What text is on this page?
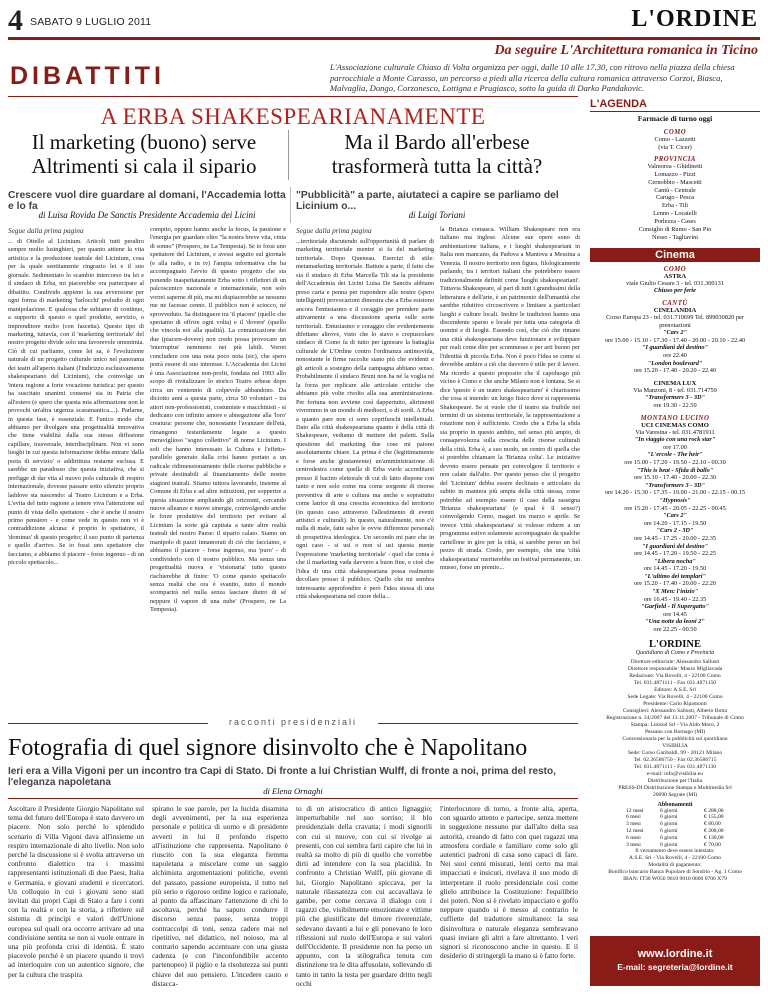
4 SABATO 9 LUGLIO 2011	L'ORDINE
Da seguire L'Architettura romanica in Ticino
DIBATTITI	L'Associazione culturale Chiaso di Volta organizza per oggi, dalle 10 alle 17.30, con ritrovo nella piazza della chiesa parrocchiale a Monte Carasso, un percorso a piedi alla ricerca della cultura romanica attraverso Corzoi, Biasca, Malvaglia, Dongo, Corzonesco, Lottigna e Prugiasco, sotto la guida di Darko Pandakovic.
A ERBA SHAKESPEARIANAMENTE
Il marketing (buono) serve Altrimenti si cala il sipario
Ma il Bardo all'erbese trasformerà tutta la città?
Crescere vuol dire guardare al domani, l'Accademia lotta e lo fa
"Pubblicità" a parte, aiutateci a capire se parliamo del Licinium o...
di Luisa Rovida De Sanctis Presidente Accademia dei Licini	di Luigi Toriani
Segue dalla prima pagina

... di Ottello al Licinium. Articoli tutti peraltro sempre molto lusinghieri, per quanto attiene la vita artistica e la produzione teatrale del Licinium, cosa per la quale sentitamente ringrazio lei e il suo giornale. Sedimentato lo scambio intercorso tra lei e il sindaco di Erba, mi piacerebbe ora partecipare al dibattito. Condivido appieno la sua avversione per ogni forma di marketing 'farlocchi' preludio di ogni manipolazione. E qualcosa che subiamo di continuo, a supporto di questo o quel prodotto, servizio, o imprenditore molto (con fascetta). Questo tipo di marketing, tuttavia, con il 'marketing territoriale' del nostro progetto divide solo una favorevole omonimia. Ciò di cui parliamo, come lei sa, è l'evoluzione naturale di un progetto culturale unico nel panorama dei teatri all'aperto italiani (l'indirizzo esclusivamente shakespeariano del Licinium), che coinvolge un 'intera regione a forte vocazione turistica: per questo ha suscitato unanimi consensi sia in Patria che all'estero (e spero che questa mia affermazione non le provochi un'altra urgenza scaramantica....). Parlarne, in questa fase, è essenziale. E l'unico modo che abbiamo per divulgare una progettualità innovativa che tiene viabilità dalla sua stessa diffusione capillare, trasversale, interdisciplinare. Non vi sono luoghi in cui questa informazione debba entrare 'dalla porta di servizio' o addirittura restarne esclusa. E sarebbe un paradosso che questa iniziativa, che si prefigge di dar vita al nuovo polo culturale di respiro internazionale, dovesse passare sotto silenzio proprio laddove sta nascendo: al Teatro Licinium e a Erba. L'evita del tutto ragione a tenere viva l'attenzione sul punto di vista dello spettatore - che è anche il nostro primo pensiero - e come vede in questo non vi è contraddizione alcuna: è proprio lo spettatore, il 'dominus' di questo progetto; il suo punto di partenza e quello d'arrivo. Se io fossi uno spettatore che facciamo, e abbiamo il piacere - forse ingenuo - di un piccolo spettacolo...

compito, oppure hanno anche la focus, la passione e l'energia per guardare oltre "la nostra breve vita, cinta di sonno" (Prospero, ne La Tempesta). Se io fossi uno spettatore del Licinium, e avessi seguito sul giornale (e alla radio, e in tv) l'ampia informativa che ha accompagnato l'avvio di questo progetto che sta ponendo inaspettatamente Erba sotto i riflettori di un palcoscenico nazionale e internazionale, non solo vorrei saperne di più, ma mi dispiacerebbe se nessuno me ne facesse cenno. Il pubblico non è sciocco, né sprovveduto. Sa distinguere tra 'il piacere' (quello che speriamo di offrire ogni volta) e il 'dovere' (quello che vincola noi alla qualità). La comunicazione dei due (piacere-dovere) non credo possa provocare un 'interruptus' nemmeno nei più labili. Vorrei concludere con una nota poco nota (sic), che spero potrà essere di suo interesse. L'Accademia dei Licini è una Associazione non-profit, fondata nel 1993 allo scopo di rivitalizzare lo storico Teatro erbese dopo circa un ventennio di colpevole abbandono. Da diciotto anni a questa parte, circa 50 volontari - tra attori non-professionisti, costumiste e macchinisti - si dedicano con infinito amore e abnegazione alla 'loro' creatura: persone che, nonostante l'avanzare dell'età, rimangono testardamente legate a questo meraviglioso "sogno collettivo" di nome Licinium. I soli che hanno interessato la Cultura e l'effetto-parallelo generato dalla crisi hanno portato a un radicale ridimensionamento delle risorse pubbliche e private destinabili al finanziamento delle nostre stagioni teatrali. Stiamo tuttora lavorando, insieme al Comune di Erba e ad altre istituzioni, per sopperire a questa situazione ampliando gli orizzonti, cercando nuove alleanze e nuove sinergie, coinvolgendo anche le forze produttive del territorio per evitare al Licinium la sorte già capitata a tante altre realtà teatrali del nostro Paese: il sipario calato. Siamo un manipolo di pazzi innamorati di ciò che facciamo, e abbiamo il piacere - forse ingenuo, ma 'puro' - di condividerlo con il nostro pubblico. Ma senza una progettualità nuova e 'visionaria' tutto questo rischierebbe di finire: 'O come questo spettacolo senza realtà che ora è svanito, tutto il mondo scomparirà nel nulla senza lasciare dietro di sé neppure il vapore di una nube' (Prospero, ne La Tempesta).

Segue dalla prima pagina

...territoriale discutendo sull'opportunità di parlare di marketing territoriale mentre si fa del marketing territoriale. Dopo Queneau. Esercizi di stile: metamarketing territoriale. Battute a parte, il fatto che sia il sindaco di Erba Marcella Tili sia la presidente dell'Accademia dei Licini Luisa De Sanctis abbiano preso carta e penna per rispondere alle nostre (spero intelligenti) provocazioni dimostra che a Erba esistono ancora l'entusiasmo e il coraggio per prendere parte attivamente a una discussione aperta sulle sorte territoriali. Entusiasmo e coraggio che evidentemente difettano altrove, visto che lo stavo e crepuscolare sindaco di Como fa di tutto per ignorare la battaglia culturale de L'Ordine contro l'ordinanza antimovida, nonostante le firme raccolte siano più che evidenti e gli articoli a sostegno della campagna abbiano senso. Probabilmente il sindaco Bruni non ha né la voglia né la forza per replicare alle articolate critiche che abbiamo più volte rivolto alla sua amministrazione. Per fortuna non avviene così dappertutto, altrimenti vivremmo in un mondo di mediocri, o di sordi. A Erba a quanto pare non ci sono coprifuochi intellettuali. Dato alla città shakespeariana quanto è della città di Shakespeare, vediamo di mettere dei paletti. Sulla questione del marketing due cose mi paiono assolutamente chiare. La prima è che (legittimamente e forse anche giustamente) un'amministrazione di centrodestra come quella di Erba vuole accreditarsi presso il bacino elettorale di cui di fatto dispone con tanto e non solo come ma come sorgente di risorse preventiva di arte e cultura ma anche e soprattutto come latrice di una crescita economica del territorio (in questo caso attraverso l'allestimento di eventi artistici e culturali). In questo, naturalmente, non c'è nulla di male, fatte salve le ovvie differenze personali di prospettiva ideologica. Un secondo mi pare che in ogni caso - si usi o non si usi questa mente l'espressione 'marketing territoriale' - quel che conta è che il marketing vada davvero a buon fine, e cioè che l'idea di una città shakespeariana possa realmente decollare presso il pubblico. Quello che mi sembra interessante approfondire è però l'idea stessa di una città shakespeariana nel cuore della...

la Brianza comasca. William Shakespeare non era italiano ma inglese. Alcune sue opere sono di ambientazione italiana, e i luoghi shakespeariani in Italia non mancano, da Padova a Mantova a Messina a Venezia. Il nostro territorio non figura, filologicamente parlando, tra i territori italiani che potrebbero essere tradizionalmente definiti come 'luoghi shakespeariani'. Tuttavia Shakespeare, al pari di tutti i grandissimi della letteratura e dell'arte, è un patrimonio dell'umanità che sarebbe riduttivo circoscrivere e limitare a particolari luoghi e culture locali. Inoltre le tradizioni hanno una discendente sparso e locale per tutta una categoria di uomini e di luoghi. Essendo così, che ciò che rimane una città shakespeariana deve funzionare e sviluppare per reali come dire per scommesse e per arti buono per l'identità di piccola Erba. Non è poco l'idea se come si dovrebbe ambire a ciò che davvero è utile per il lavoro. Ma ricordo a questo proposito che il capoluogo più vicino è Como e che anche Milano non è lontana. Se si dice 'questo è un teatro shakespeariano' è chiarissimo che cosa si intende: un luogo fisico dove si rappresenta Shakespeare. Se si vuole che il teatro sia fruibile nei termini di un sistema territoriale, la rappresentazione a rotazione non è sufficiente. Credo che a Erba la sfida sia proprio in questo ambito, nel senso più ampio, di consapevolezza sulla crescita delle risorse culturali della città. Erba è, a suo modo, un centro di quella che si potrebbe chiamare la 'Brianza colta'. Le iniziative devono essere pensate per coinvolgere il territorio e non calate dall'alto. Per questo penso che il progetto del 'Licinium' debba essere declinato e articolato da subito in maniera più ampia della città stessa, come potrebbe ad esempio essere il caso della rassegna 'Brianza shakespeariana' (e qual è il senso?) coinvolgendo Como, magari tra marzo e aprile. Se invece 'città shakespeariana' si volesse ridurre a un programma estivo solamente accompagnato da qualche cartellone in giro per la città, si sarebbe perso un bel pezzo di strada. Credo, per esempio, che una 'città shakespeariana' meriterebbe un festival permanente, un museo, forse un premio...

racconti presidenziali
Fotografia di quel signore disinvolto che è Napolitano
Ieri era a Villa Vigoni per un incontro tra Capi di Stato. Di fronte a lui Christian Wulff, di fronte a noi, prima del resto, l'eleganza napoletana
di Elena Ornaghi

Ascoltare il Presidente Giorgio Napolitano sul tema del futuro dell'Europa è stato davvero un piacere. Non solo perché lo splendido scenario di Villa Vigoni dava all'insieme un respiro internazionale di alto livello. Non solo perché la discussione si è svolta attraverso un confronto dialettico tra i massimi rappresentanti istituzionali di due Paesi, Italia e Germania, e giovani studenti e ricercatori. Un colloquio in cui i giovani sono stati invitati dai propri Capi di Stato a fare i conti con la realtà e con la storia, a riflettere sul sistema di princìpi e valori dell'Unione europea sul quali ora occorre arrivare ad una condivisione sentita se non si vuole entrare in una più profonda crisi di identità. È stato piacevole perché è un piacere quando ti trovi ad interloquire con un autentico signore, che per la cultura che traspira

spirano le sue parole, per la lucida disamina degli avvenimenti, per la sua esperienza personale e politica di uomo e di presidente avverti in lui il profondo rispetto all'istituzione che rappresenta. Napolitano è riuscito con la sua eleganza fiemma napoletana a miscelare come un saggio alchimista argomentazioni politiche, eventi del passato, passione europeista, il tutto nel più serio e rigoroso ordine logico e razionale, al punto da affascinare l'attenzione di chi lo ascoltava, perché ha saputo condurre il discorso senza pause, senza troppi contraccolpi di toni, senza cadere mai nel ripetitivo, nel didattico, nel noioso, ma al contrario sapendo accentuare con una giusta cadenza (e con l'inconfondibile accento partenopeo) il piglio e la risolutezza sui punti chiave del suo pensiero. L'incedere cauto e distacca-

to di un aristocratico di antico lignaggio; imperturbabile nel suo sorriso; il blu presidenziale della cravatta; i modi signorili con cui si muove, con cui si rivolge ai presenti, con cui sembra farti capire che lui in realtà sa molto di più di quello che vorrebbe dirti ad intendere con la sua placidità. In confronto a Christian Wulff, più giovane di lui, Giorgio Napolitano spiccava, per la naturale rilassatezza con cui accavallava le gambe, per come cercava il dialogo con i ragazzi che, visibilmente emozionate e vittime più che giustificate del timore riverenziale, sedevano davanti a lui e gli ponevano le loro riflessioni sul ruolo dell'Europa e sui valori dell'Occidente. Il presidente non ha perso un appunto, con la stilografica tenuta con distinzione tra le dita affusolate, sollevando di tanto in tanto la testa per guardare dritto negli occhi

l'interlocutore di turno, a fronte alta, aperta, con sguardo attento e partecipe, senza mettere in soggezione nessuno pur dall'alto della sua autorità, creando di fatto con quei ragazzi una atmosfera cordiale e familiare come solo gli autentici padroni di casa sono capaci di fare. Nei suoi cenni misurati, lenti certo ma mai impacciati e insicuri, rivelava il suo modo di interpretare il ruolo presidenziale così come glielo attribuisce la Costituzione: l'equilibrio dei poteri. Non si è rivelato impacciato e goffo neppure quando si è messo al contrario le cuffiette del traduttore simultaneo: la sua disinvoltura e naturale eleganza sembravano quasi inviare gli altri a fare altrettanto. I veri signori si riconoscono anche in questo. E il desiderio di stringergli la mano si è fatto forte.

L'AGENDA
Farmacie di turno oggi
COMO
Como - Lazzetti
(via T. Cicer)
PROVINCIA
Valmorea - Ghidinetti
Lomazzo - Pizzi
Cernobbio - Mascetti
Cantù - Centrale
Carugo - Pesca
Erba - Tili
Lenno - Locatelli
Porlezza - Cases
Consiglio di Rumo - San Pio
Nesso - Tagliavini
Cinema
COMO
ASTRA
viale Giulio Cesare 3 - tel. 031.300131
Chiuso per ferie
CANTÙ
CINELANDIA
Corso Europa 23 - tel. 031.710699 Tel. 899030820 per prenotazioni
"Cars 2"
ore 15.00 - 15.10 - 17.30 - 17.40 - 20.00 - 20.10 - 22.40
"I guardiani del destino"
ore 22.40
"London boulevard"
ore 15.20 - 17.40 - 20.20 - 22.40
CINEMA LUX
Via Manzoni, 8 - tel. 031.714759
"Transformers 3 - 3D"
ore 19.30 - 22.50
MONTANO LUCINO
UCI CINEMAS COMO
Via Varesina - tel. 031.4781911
"In viaggio con una rock star"
ore 17.00
"L'ercole - The heir"
ore 15.00 - 17.20 - 19.50 - 22.10 - 00.30
"This is beat - Sfida di ballo"
ore 15.10 - 17.40 - 20.00 - 22.30
"Transformers 3 - 3D"
ore 14.20 - 15.30 - 17.35 - 19.00 - 21.00 - 22.15 - 00.15
"Hypnosis"
ore 15.20 - 17.45 - 20.05 - 22.25 - 00.45
"Cars 2"
ore 14.20 - 17.15 - 19.50
"Cars 2 - 3D"
ore 14.45 - 17.25 - 20.00 - 22.35
"I guardiani del destino"
ore 14.45 - 17.20 - 19.50 - 22.25
"Libera nocha"
ore 14.45 - 17.20 - 19.50
"L'ultimo dei templari"
ore 15.20 - 17.40 - 20.00 - 22.20
"X Men: l'inizio"
ore 16.45 - 19.40 - 22.35
"Garfield - Il Supergatto"
ore 14.45
"Una notte da leoni 2"
ore 22.25 - 00.50
L'ORDINE
Quotidiano di Como e Provincia
Direttore editoriale: Alessandro Sallusti
Direttore responsabile: Mauro Migliavada
Redazione: Via Rovelli, 4 - 22100 Como
Tel. 031.4871111 - Fax 031.4871150
Editore: A.S.E. Srl
Sede Legale: Via Rovelli, 4 - 22100 Como
Presidente: Carlo Ripamonti
Consiglieri: Alessandro Sallusti, Alberto Botta
Registrazione n. 24/2007 del 13.11.2007 - Tribunale di Como
Stampa: Litosud Srl - Via Aldo Moro, 2
Pessano con Bornago (MI)
Concessionaria per la pubblicità sul quotidiano
VISIBILIA
Sede: Corso Garibaldi, 99 - 20121 Milano
Tel. 02.36586750 - Fax 02.36586715
Tel. 031.4871111 - Fax 031.4871130
e-mail: info@visibilia.eu
Distribuzione per l'Italia
PRESS-DI Distribuzione Stampa e Multimedia Srl
20090 Segrate (MI)
Abbonamenti
12 mesi	6 giorni	€ 288,00
6 mesi	6 giorni	€ 155,00
3 mesi	6 giorni	€ 80,00
12 mesi	6 giorni	€ 208,00
6 mesi	6 giorni	€ 130,00
3 mesi	6 giorni	€ 70,00
Il versamento deve essere intestato:
A.S.E. Srl - Via Rovelli, 4 - 22100 Como
Modalità di pagamento:
Bonifico bancario Banca Popolare di Sondrio - Ag. 1 Como
IBAN: IT30 W056 9610 9010 0000 0706 X79
www.lordine.it
E-mail: segreteria@lordine.it
